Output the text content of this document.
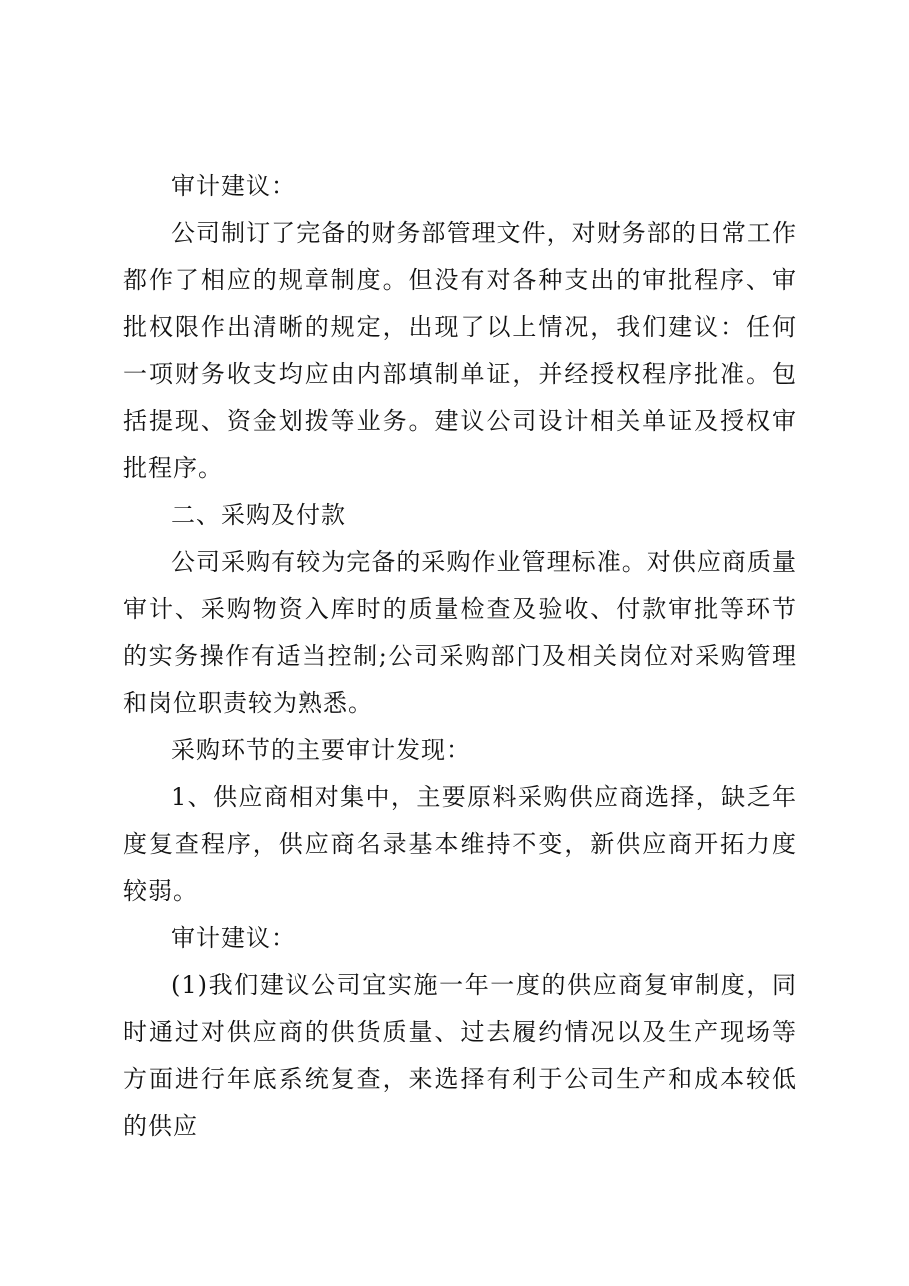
审计建议：

公司制订了完备的财务部管理文件，对财务部的日常工作都作了相应的规章制度。但没有对各种支出的审批程序、审批权限作出清晰的规定，出现了以上情况，我们建议：任何一项财务收支均应由内部填制单证，并经授权程序批准。包括提现、资金划拨等业务。建议公司设计相关单证及授权审批程序。

二、采购及付款

公司采购有较为完备的采购作业管理标准。对供应商质量审计、采购物资入库时的质量检查及验收、付款审批等环节的实务操作有适当控制;公司采购部门及相关岗位对采购管理和岗位职责较为熟悉。

采购环节的主要审计发现：

1、供应商相对集中，主要原料采购供应商选择，缺乏年度复查程序，供应商名录基本维持不变，新供应商开拓力度较弱。

审计建议：

(1)我们建议公司宜实施一年一度的供应商复审制度，同时通过对供应商的供货质量、过去履约情况以及生产现场等方面进行年底系统复查，来选择有利于公司生产和成本较低的供应
